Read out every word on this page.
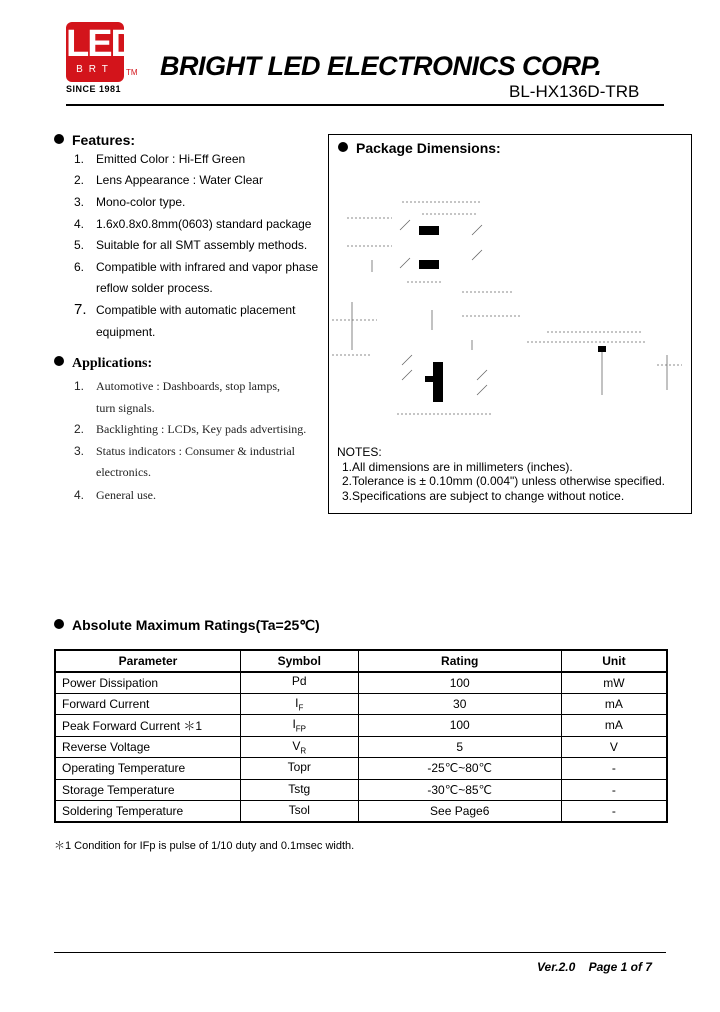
LED
BRT	TM
SINCE 1981
BRIGHT LED ELECTRONICS CORP.
BL-HX136D-TRB
Features:
1. Emitted Color : Hi-Eff Green
2. Lens Appearance : Water Clear
3. Mono-color type.
4. 1.6x0.8x0.8mm(0603) standard package
5. Suitable for all SMT assembly methods.
6. Compatible with infrared and vapor phase
reflow solder process.
7. Compatible with automatic placement
equipment.
Applications:
1. Automotive : Dashboards, stop lamps,
turn signals.
2. Backlighting : LCDs, Key pads advertising.
3. Status indicators : Consumer & industrial
electronics.
4. General use.
Package Dimensions:
NOTES:
1.All dimensions are in millimeters (inches).
2.Tolerance is ± 0.10mm (0.004") unless otherwise specified.
3.Specifications are subject to change without notice.
Absolute Maximum Ratings(Ta=25℃)
Parameter	Symbol	Rating	Unit
Power Dissipation	Pd	100	mW
Forward Current	$I_F$	30	mA
Peak Forward Current ＊1	$I_{FP}$	100	mA
Reverse Voltage	$V_R$	5	V
Operating Temperature	Topr	-25℃~80℃	-
Storage Temperature	Tstg	-30℃~85℃	-
Soldering Temperature	Tsol	See Page6	-
＊1 Condition for IFp is pulse of 1/10 duty and 0.1msec width.
Ver.2.0    Page 1 of 7
